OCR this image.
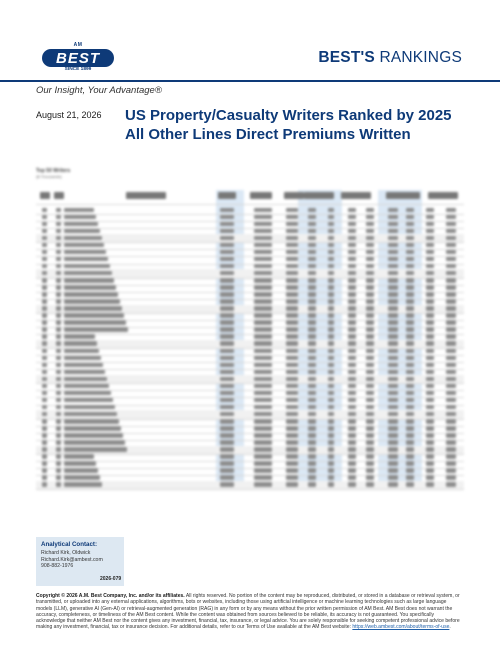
AM
BEST
SINCE 1899
BEST'S RANKINGS
Our Insight, Your Advantage®
August 21, 2026 US Property/Casualty Writers Ranked by 2025 All Other Lines Direct Premiums Written
Top 50 Writers
($ Thousands)
Analytical Contact:
Richard Kirk, Oldwick
Richard.Kirk@ambest.com
908-882-1976
2026-079
Copyright © 2026 A.M. Best Company, Inc. and/or its affiliates. All rights reserved. No portion of the content may be reproduced, distributed, or stored in a database or retrieval system, or transmitted, or uploaded into any external applications, algorithms, bots or websites, including those using artificial intelligence or machine learning technologies such as large language models (LLM), generative AI (Gen-AI) or retrieval-augmented generation (RAG) in any form or by any means without the prior written permission of AM Best. AM Best does not warrant the accuracy, completeness, or timeliness of the AM Best content. While the content was obtained from sources believed to be reliable, its accuracy is not guaranteed. You specifically acknowledge that neither AM Best nor the content gives any investment, financial, tax, insurance, or legal advice. You are solely responsible for seeking competent professional advice before making any investment, financial, tax or insurance decision. For additional details, refer to our Terms of Use available at the AM Best website: https://web.ambest.com/about/terms-of-use.
